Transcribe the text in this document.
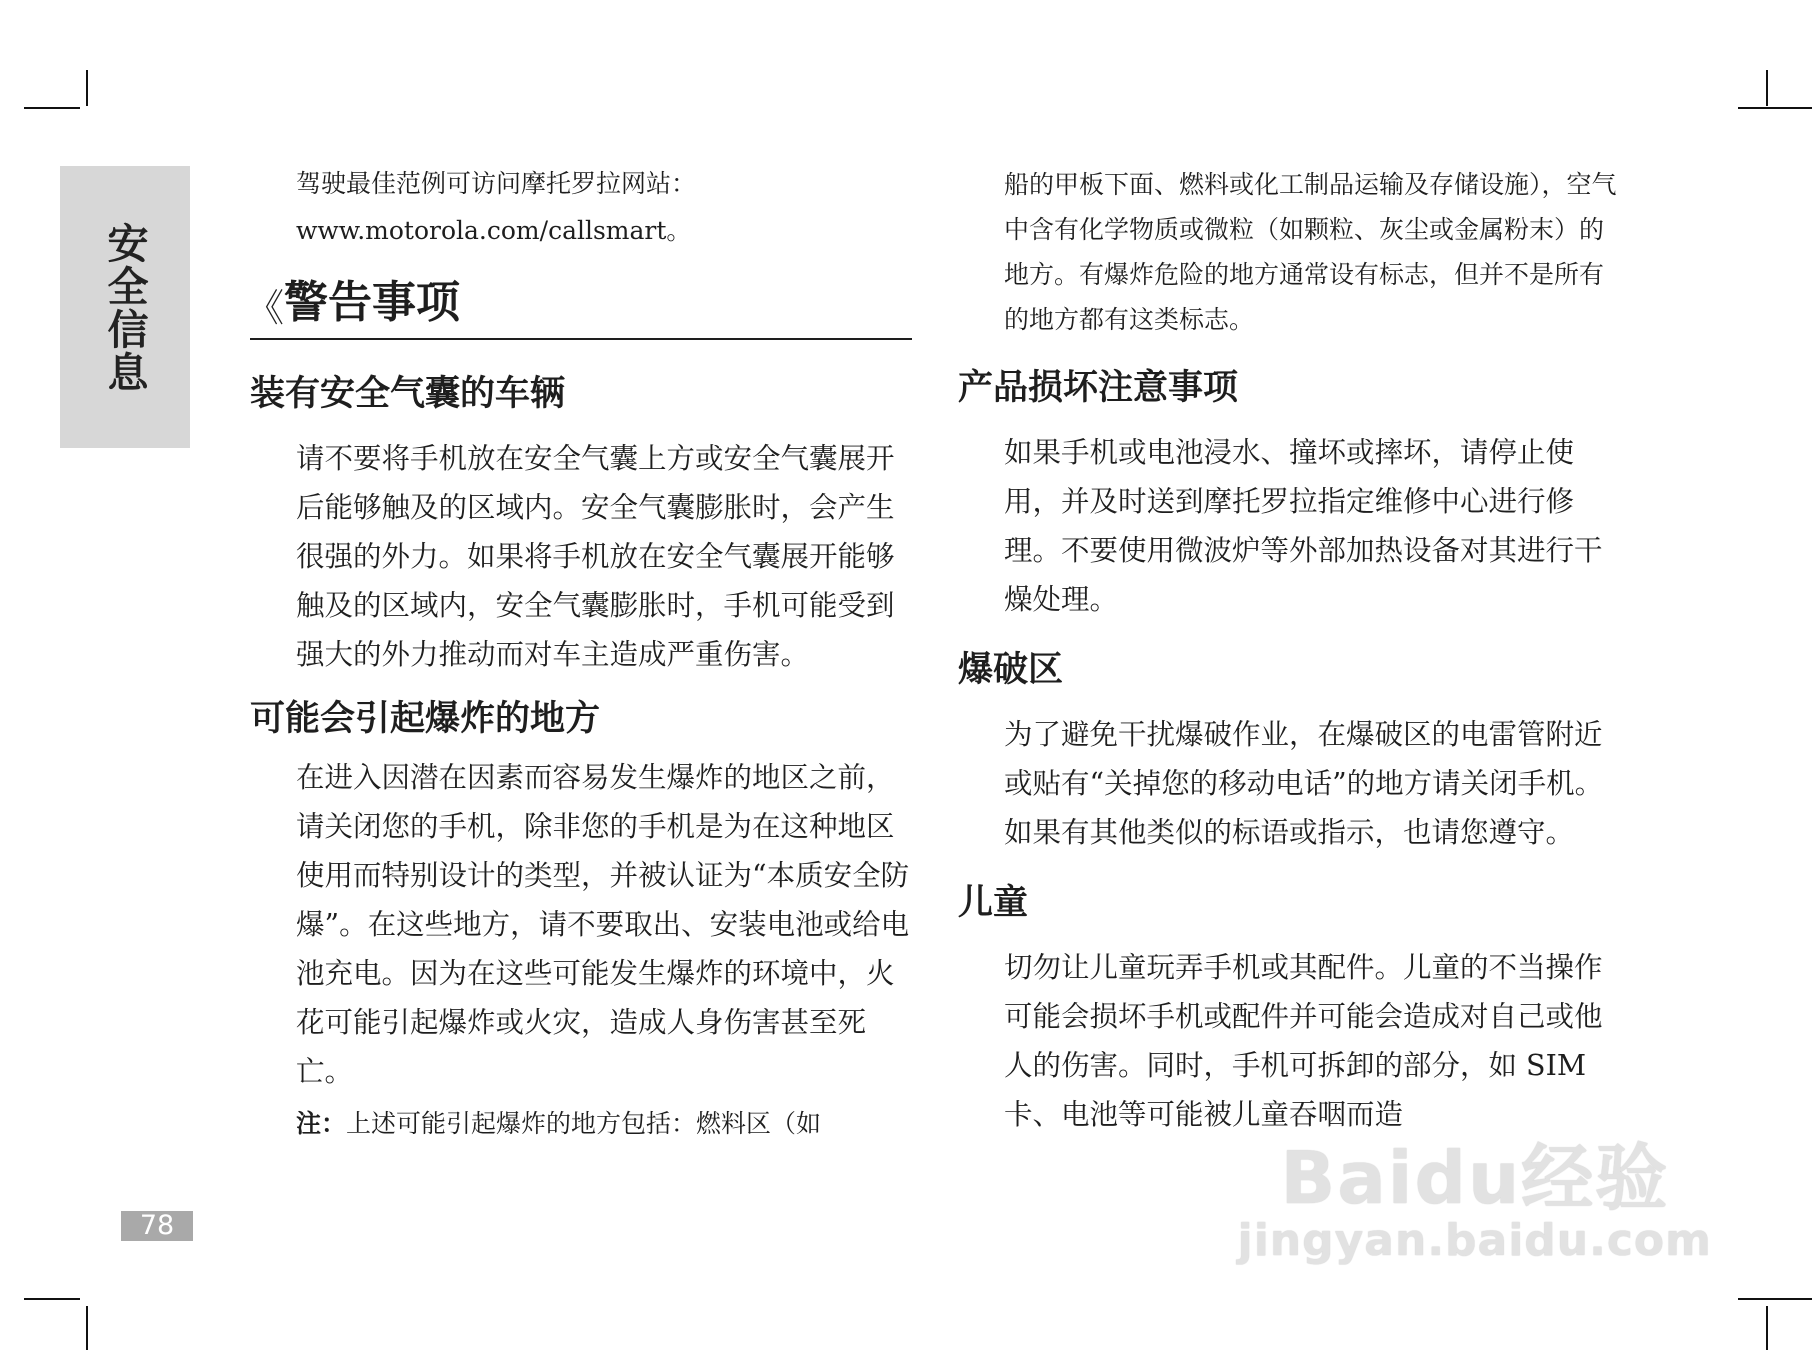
安全信息
78
驾驶最佳范例可访问摩托罗拉网站：
www.motorola.com/callsmart。
《 警告事项
装有安全气囊的车辆

请不要将手机放在安全气囊上方或安全气囊展开后能够触及的区域内。安全气囊膨胀时，会产生很强的外力。如果将手机放在安全气囊展开能够触及的区域内，安全气囊膨胀时，手机可能受到强大的外力推动而对车主造成严重伤害。

可能会引起爆炸的地方

在进入因潜在因素而容易发生爆炸的地区之前，请关闭您的手机，除非您的手机是为在这种地区使用而特别设计的类型，并被认证为“本质安全防爆”。在这些地方，请不要取出、安装电池或给电池充电。因为在这些可能发生爆炸的环境中，火花可能引起爆炸或火灾，造成人身伤害甚至死亡。

注：上述可能引起爆炸的地方包括：燃料区（如

船的甲板下面、燃料或化工制品运输及存储设施），空气中含有化学物质或微粒（如颗粒、灰尘或金属粉末）的地方。有爆炸危险的地方通常设有标志，但并不是所有的地方都有这类标志。

产品损坏注意事项

如果手机或电池浸水、撞坏或摔坏，请停止使用，并及时送到摩托罗拉指定维修中心进行修理。不要使用微波炉等外部加热设备对其进行干燥处理。

爆破区

为了避免干扰爆破作业，在爆破区的电雷管附近或贴有“关掉您的移动电话”的地方请关闭手机。如果有其他类似的标语或指示，也请您遵守。

儿童

切勿让儿童玩弄手机或其配件。儿童的不当操作可能会损坏手机或配件并可能会造成对自己或他人的伤害。同时，手机可拆卸的部分，如 SIM 卡、电池等可能被儿童吞咽而造

Baidu经验
jingyan.baidu.com
